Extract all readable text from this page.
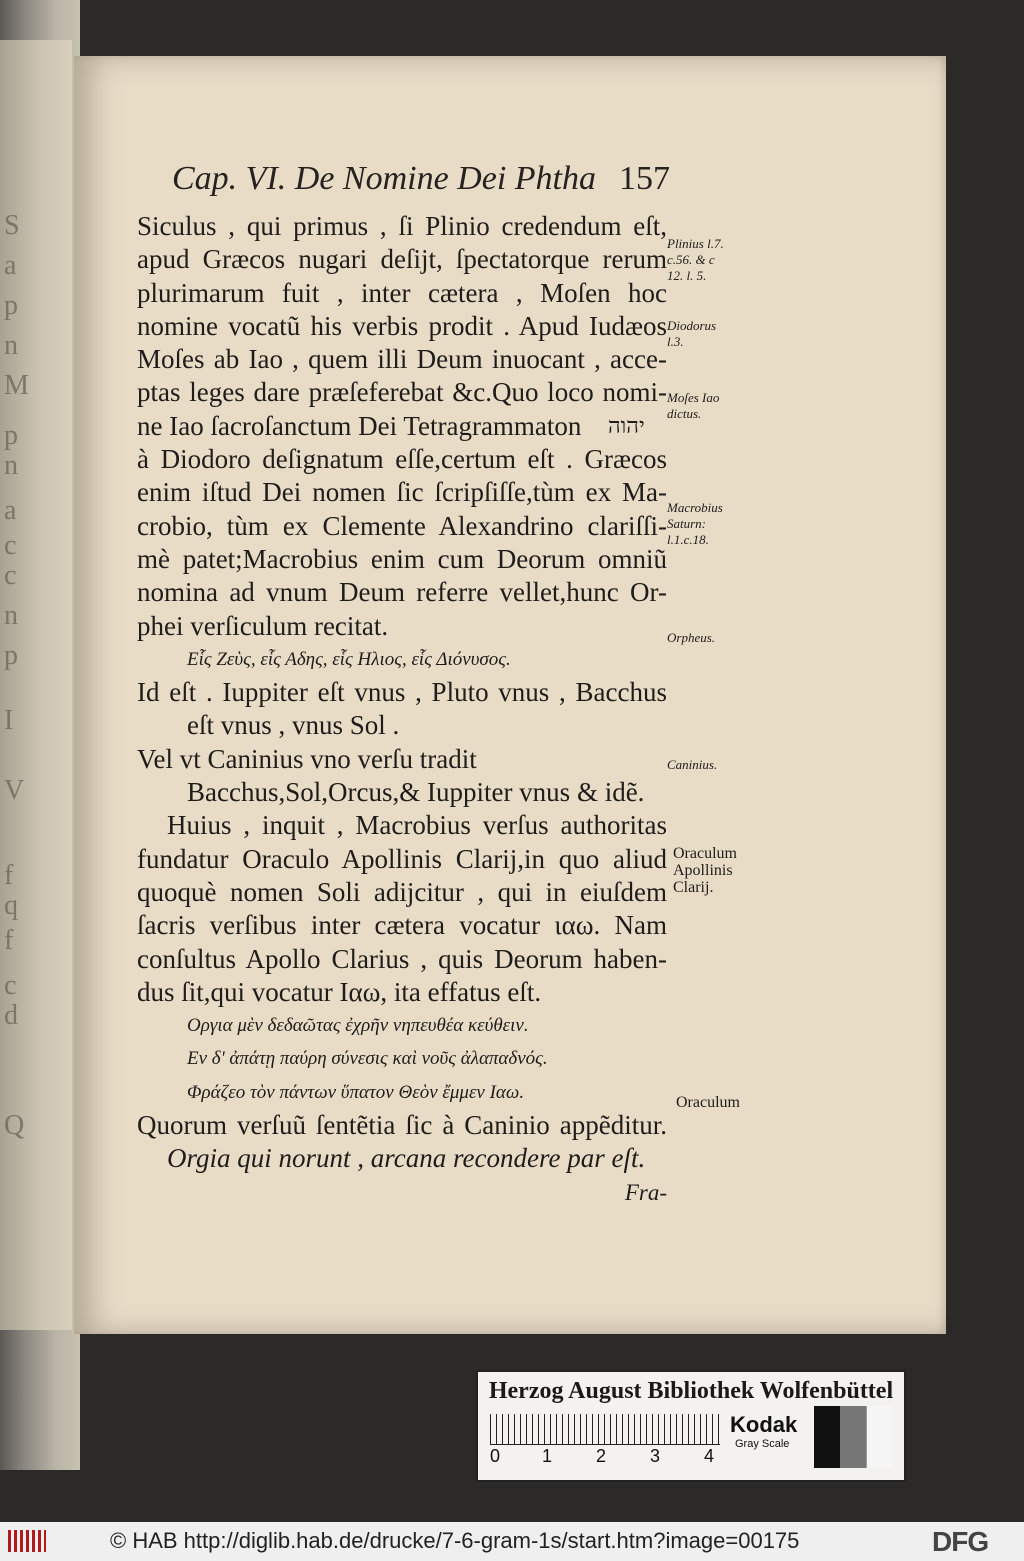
S
a
p
n
M
p
n
a
c
c
n
p
I
V
f
q
f
c
d
Q
Cap. VI. De Nomine Dei Phtha 157
Siculus , qui primus , ſi Plinio credendum eſt,
apud Græcos nugari deſijt, ſpectatorque rerum
plurimarum fuit , inter cætera , Moſen hoc
nomine vocatũ his verbis prodit . Apud Iudæos
Moſes ab Iao , quem illi Deum inuocant , acce-
ptas leges dare præſeferebat &c.Quo loco nomi-
ne Iao ſacroſanctum Dei Tetragrammaton
à Diodoro deſignatum eſſe,certum eſt . Græcos
enim iſtud Dei nomen ſic ſcripſiſſe,tùm ex Ma-
crobio, tùm ex Clemente Alexandrino clariſſi-
mè patet;Macrobius enim cum Deorum omniũ
nomina ad vnum Deum referre vellet,hunc Or-
phei verſiculum recitat.
Εἷς Ζεὺς, εἷς Αδης, εἷς Ηλιος, εἷς Διόνυσος.
Id eſt . Iuppiter eſt vnus , Pluto vnus , Bacchus
eſt vnus , vnus Sol .
Vel vt Caninius vno verſu tradit
Bacchus,Sol,Orcus,& Iuppiter vnus & idẽ.
Huius , inquit , Macrobius verſus authoritas
fundatur Oraculo Apollinis Clarij,in quo aliud
quoquè nomen Soli adijcitur , qui in eiuſdem
ſacris verſibus inter cætera vocatur ιαω. Nam
conſultus Apollo Clarius , quis Deorum haben-
dus ſit,qui vocatur Ιαω, ita effatus eſt.
Οργια μὲν δεδαῶτας ἐχρῆν νηπευθέα κεύθειν.
Εν δ' ἀπάτῃ παύρη σύνεσις καὶ νοῦς ἀλαπαδνός.
Φράζεο τὸν πάντων ὕπατον Θεὸν ἔμμεν Ιαω.
Quorum verſuũ ſentẽtia ſic à Caninio appẽditur.
Orgia qui norunt , arcana recondere par eſt.
Fra-
יהוה
Plinius l.7.
c.56. & c
12. l. 5.
Diodorus
l.3.
Moſes Iao
dictus.
Macrobius
Saturn:
l.1.c.18.
Orpheus.
Caninius.
Oraculum
Apollinis
Clarij.
Oraculum
Herzog August Bibliothek Wolfenbüttel
0 1 2 3 4
Kodak
Gray Scale
© HAB http://diglib.hab.de/drucke/7-6-gram-1s/start.htm?image=00175	DFG
